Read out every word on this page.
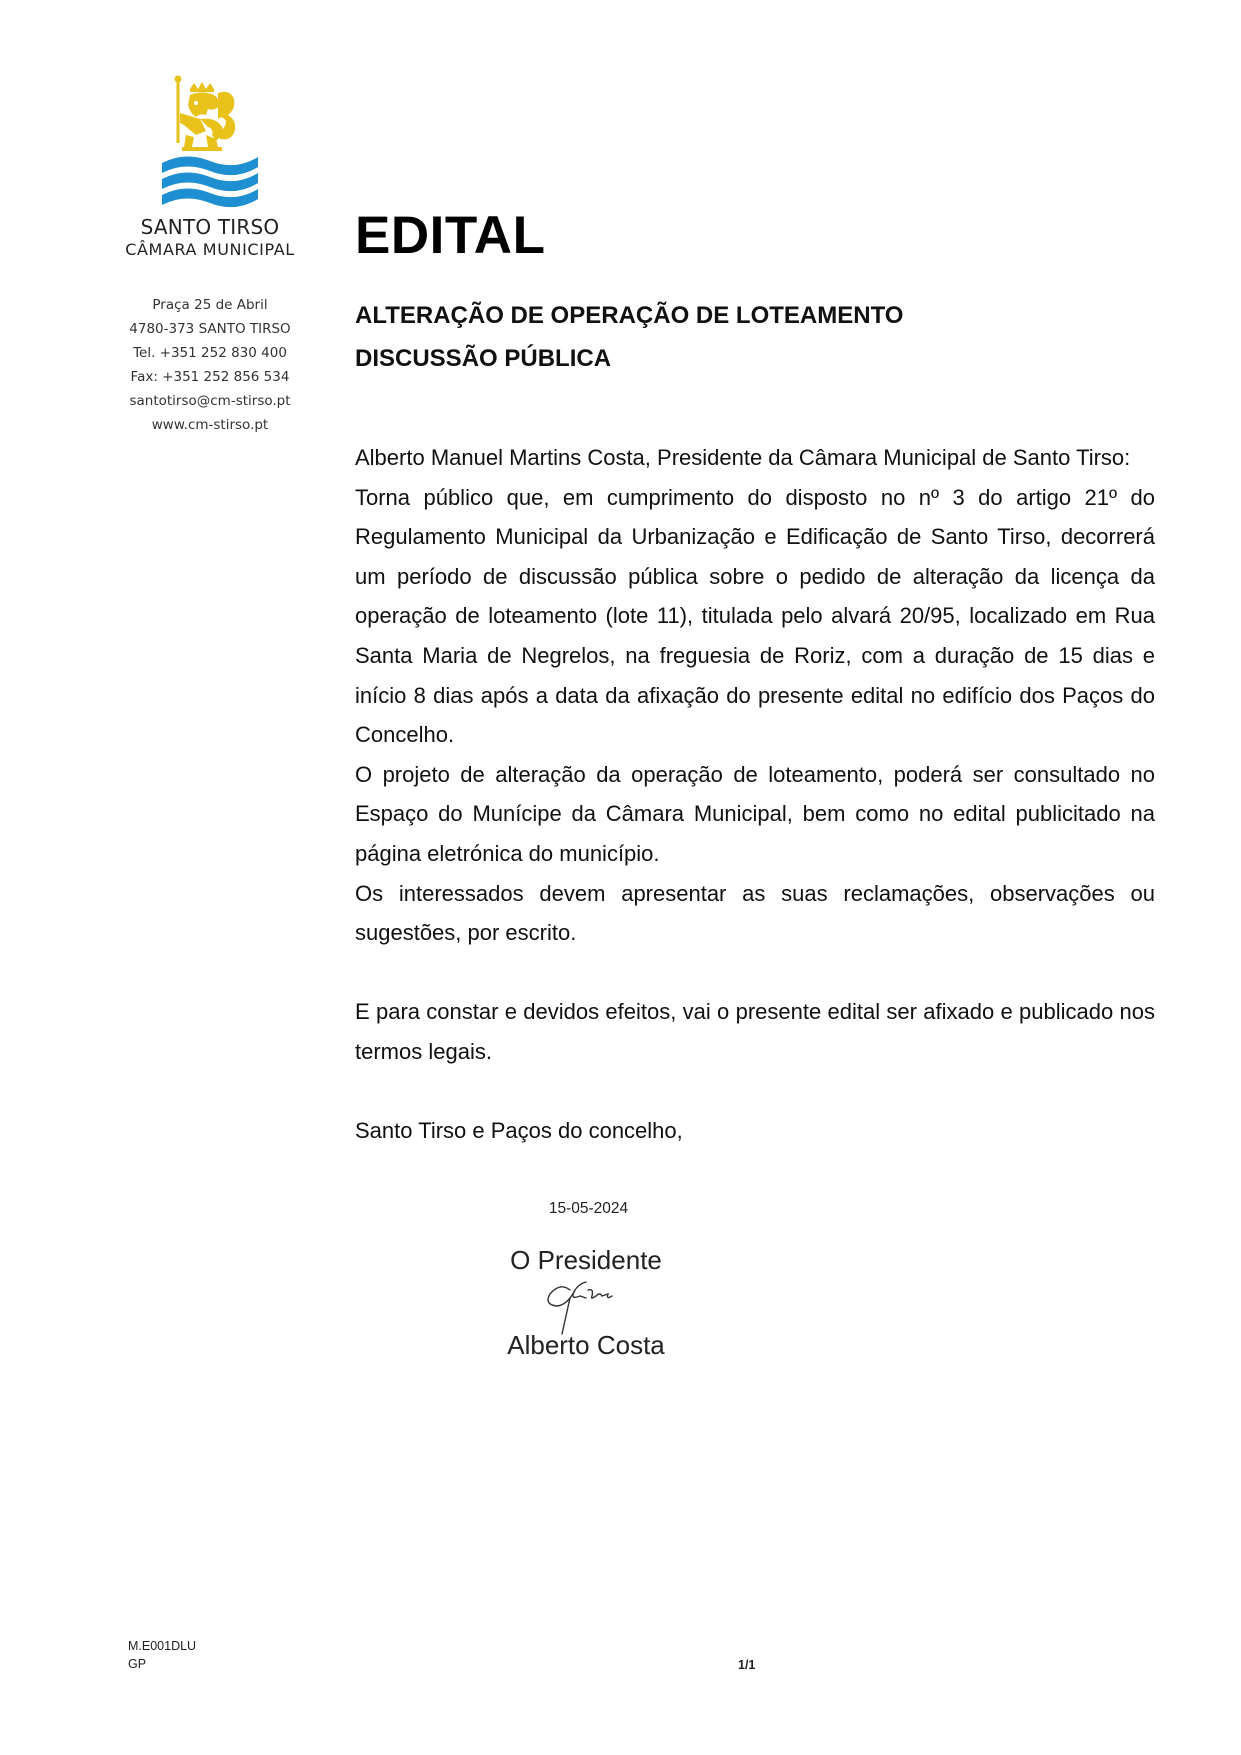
SANTO TIRSO
CÂMARA MUNICIPAL
Praça 25 de Abril
4780-373 SANTO TIRSO
Tel. +351 252 830 400
Fax: +351 252 856 534
santotirso@cm-stirso.pt
www.cm-stirso.pt
EDITAL
ALTERAÇÃO DE OPERAÇÃO DE LOTEAMENTO
DISCUSSÃO PÚBLICA

Alberto Manuel Martins Costa, Presidente da Câmara Municipal de Santo Tirso:

Torna público que, em cumprimento do disposto no nº 3 do artigo 21º do Regulamento Municipal da Urbanização e Edificação de Santo Tirso, decorrerá um período de discussão pública sobre o pedido de alteração da licença da operação de loteamento (lote 11), titulada pelo alvará 20/95, localizado em Rua Santa Maria de Negrelos, na freguesia de Roriz, com a duração de 15 dias e início 8 dias após a data da afixação do presente edital no edifício dos Paços do Concelho.

O projeto de alteração da operação de loteamento, poderá ser consultado no Espaço do Munícipe da Câmara Municipal, bem como no edital publicitado na página eletrónica do município.

Os interessados devem apresentar as suas reclamações, observações ou sugestões, por escrito.

E para constar e devidos efeitos, vai o presente edital ser afixado e publicado nos termos legais.

Santo Tirso e Paços do concelho,

15-05-2024
O Presidente
Alberto Costa
M.E001DLU
GP	1/1
